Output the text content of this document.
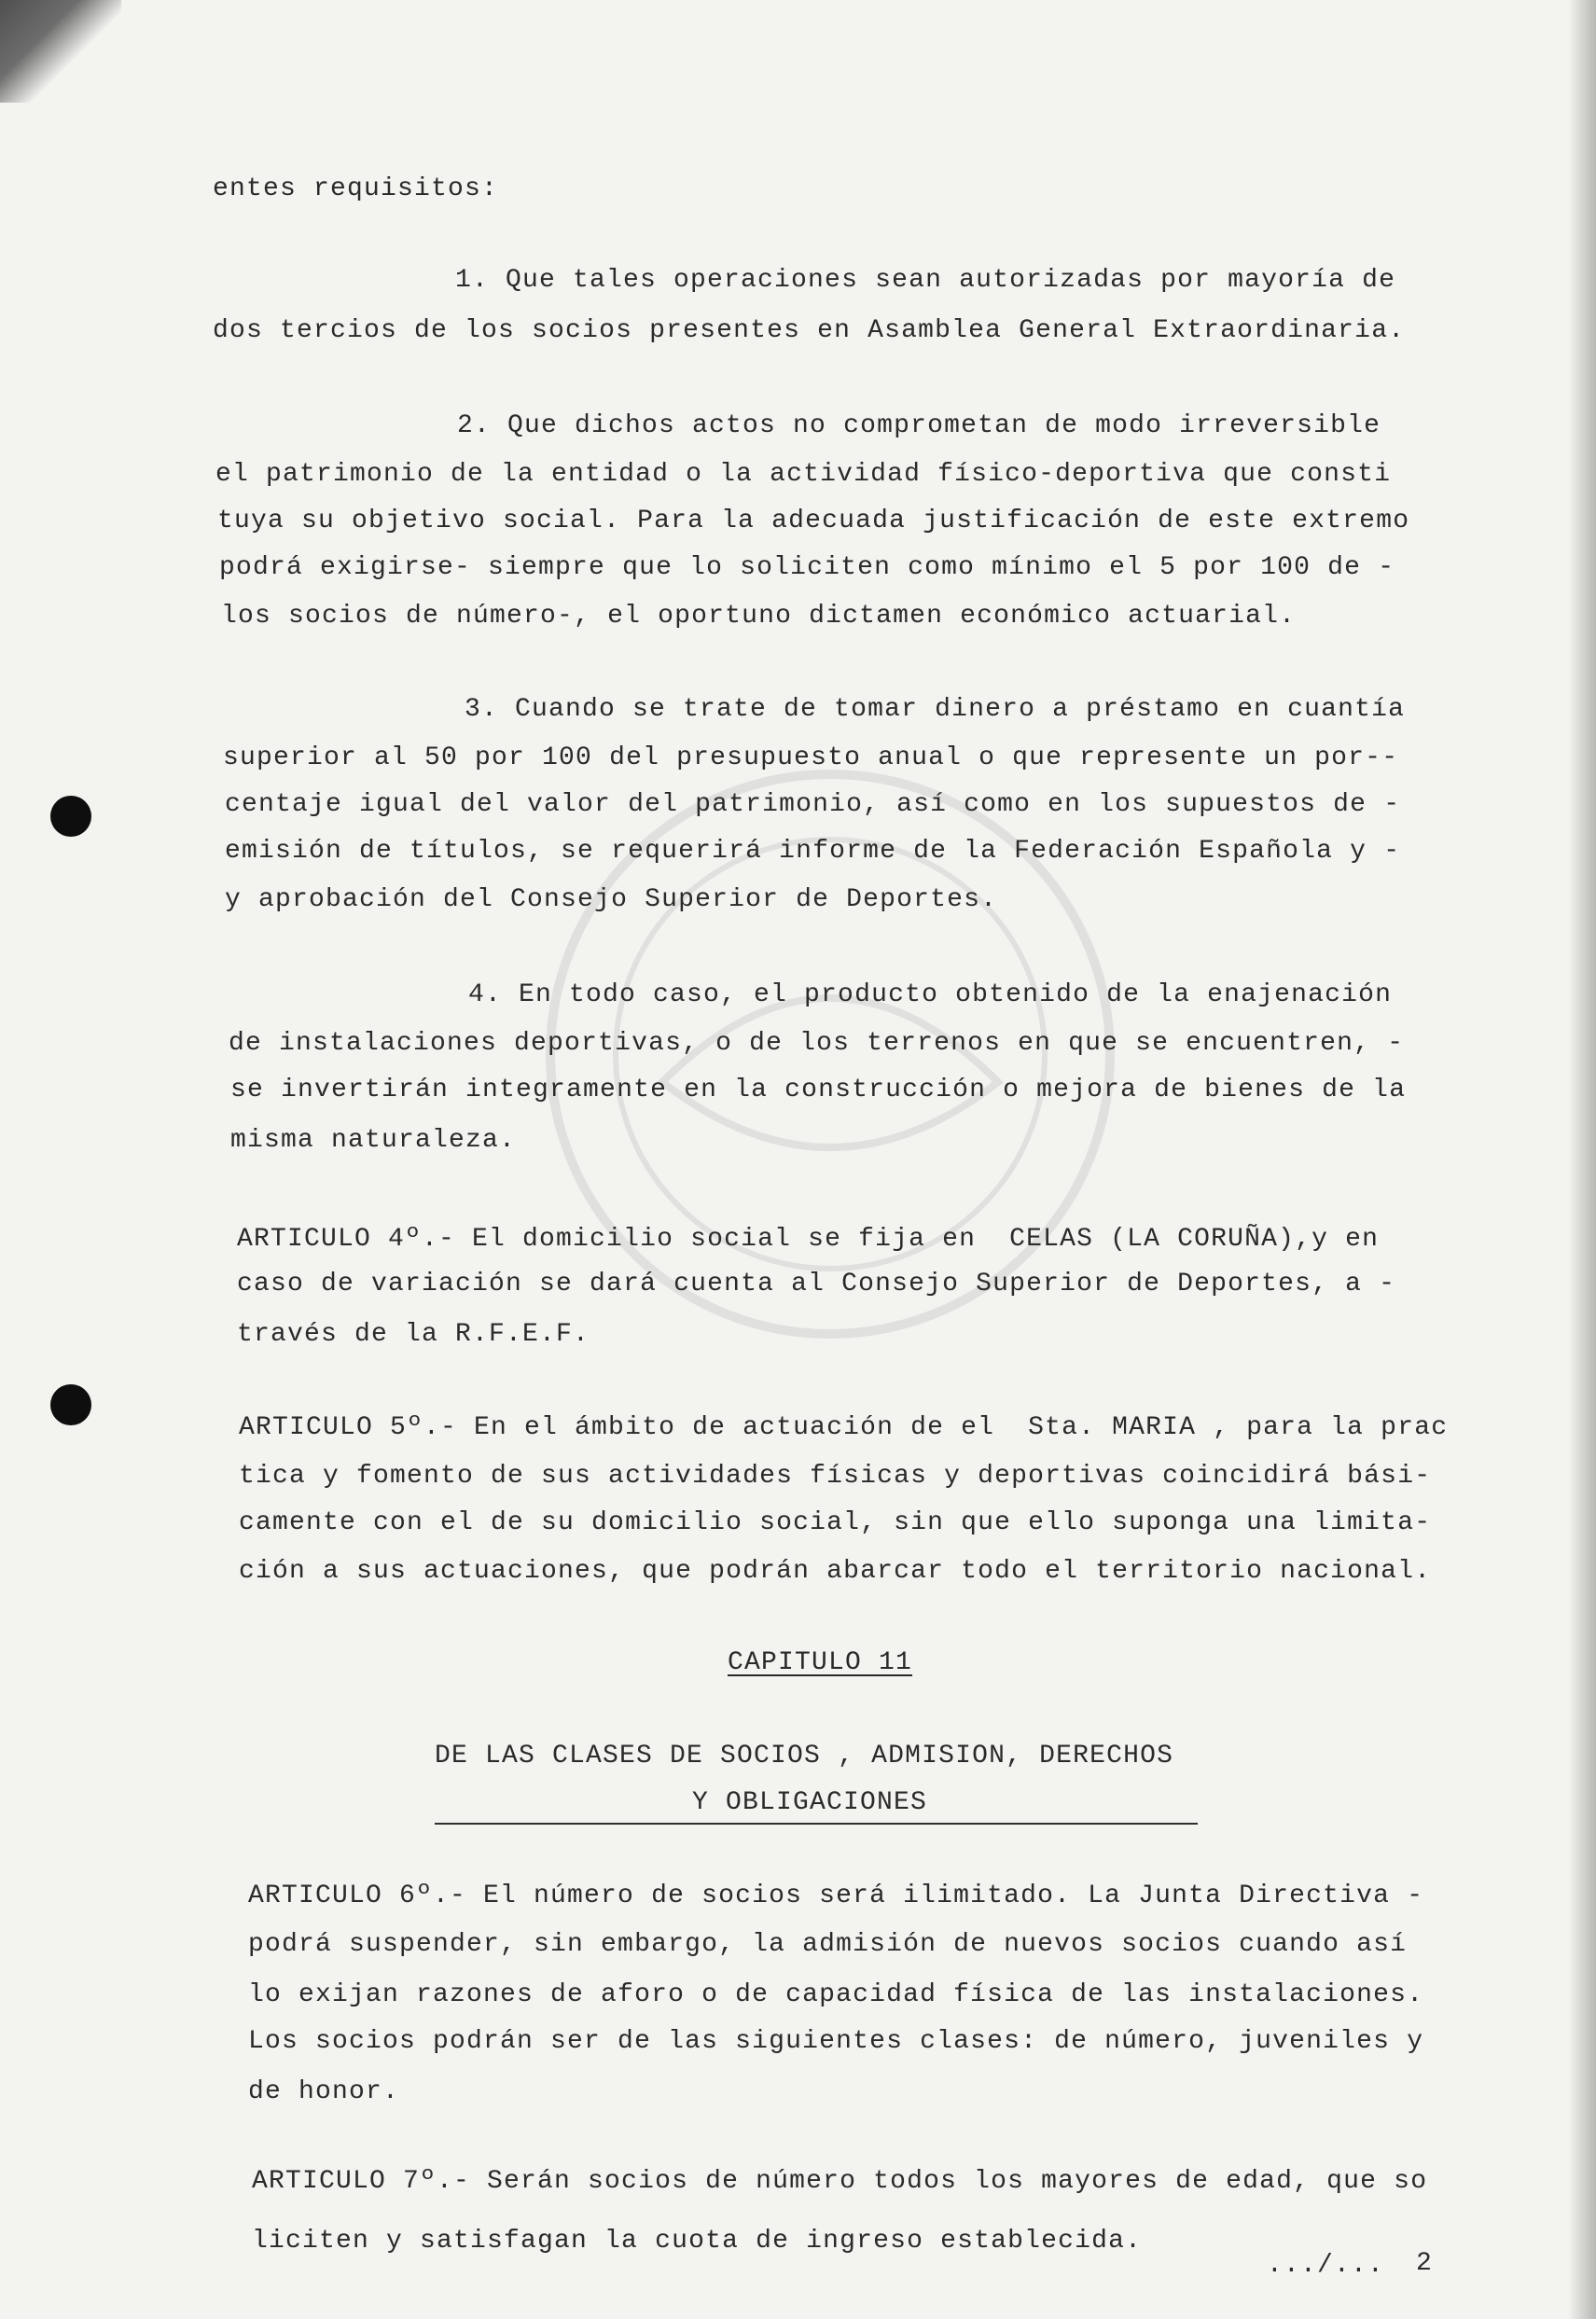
entes requisitos:
1. Que tales operaciones sean autorizadas por mayoría de
dos tercios de los socios presentes en Asamblea General Extraordinaria.
2. Que dichos actos no comprometan de modo irreversible
el patrimonio de la entidad o la actividad físico-deportiva que consti
tuya su objetivo social. Para la adecuada justificación de este extremo
podrá exigirse- siempre que lo soliciten como mínimo el 5 por 100 de -
los socios de número-, el oportuno dictamen económico actuarial.
3. Cuando se trate de tomar dinero a préstamo en cuantía
superior al 50 por 100 del presupuesto anual o que represente un por--
centaje igual del valor del patrimonio, así como en los supuestos de -
emisión de títulos, se requerirá informe de la Federación Española y -
y aprobación del Consejo Superior de Deportes.
4. En todo caso, el producto obtenido de la enajenación
de instalaciones deportivas, o de los terrenos en que se encuentren, -
se invertirán integramente en la construcción o mejora de bienes de la
misma naturaleza.
ARTICULO 4º.- El domicilio social se fija en  CELAS (LA CORUÑA),y en
caso de variación se dará cuenta al Consejo Superior de Deportes, a -
través de la R.F.E.F.
ARTICULO 5º.- En el ámbito de actuación de el  Sta. MARIA , para la prac
tica y fomento de sus actividades físicas y deportivas coincidirá bási-
camente con el de su domicilio social, sin que ello suponga una limita-
ción a sus actuaciones, que podrán abarcar todo el territorio nacional.
CAPITULO 11
DE LAS CLASES DE SOCIOS , ADMISION, DERECHOS
Y OBLIGACIONES
ARTICULO 6º.- El número de socios será ilimitado. La Junta Directiva -
podrá suspender, sin embargo, la admisión de nuevos socios cuando así
lo exijan razones de aforo o de capacidad física de las instalaciones.
Los socios podrán ser de las siguientes clases: de número, juveniles y
de honor.
ARTICULO 7º.- Serán socios de número todos los mayores de edad, que so
liciten y satisfagan la cuota de ingreso establecida.
.../... 2
